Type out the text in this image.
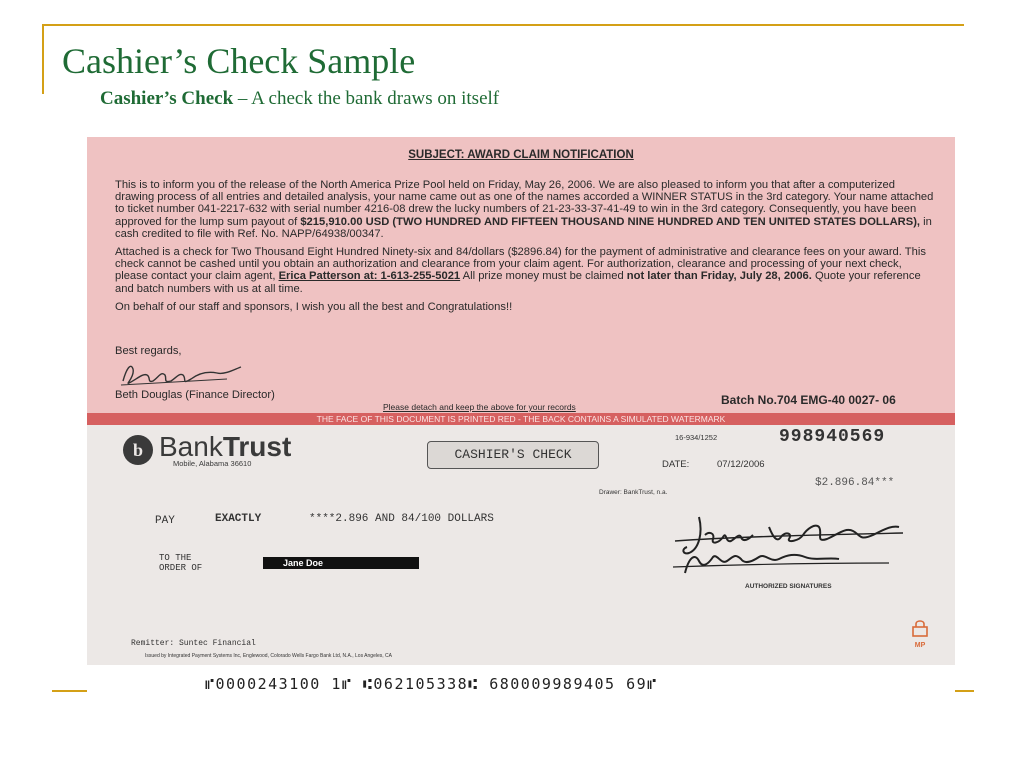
Cashier’s Check Sample
Cashier’s Check – A check the bank draws on itself
SUBJECT: AWARD CLAIM NOTIFICATION

This is to inform you of the release of the North America Prize Pool held on Friday, May 26, 2006. We are also pleased to inform you that after a computerized drawing process of all entries and detailed analysis, your name came out as one of the names accorded a WINNER STATUS in the 3rd category. Your name attached to ticket number 041-2217-632 with serial number 4216-08 drew the lucky numbers of 21-23-33-37-41-49 to win in the 3rd category. Consequently, you have been approved for the lump sum payout of $215,910.00 USD (TWO HUNDRED AND FIFTEEN THOUSAND NINE HUNDRED AND TEN UNITED STATES DOLLARS), in cash credited to file with Ref. No. NAPP/64938/00347.

Attached is a check for Two Thousand Eight Hundred Ninety-six and 84/dollars ($2896.84) for the payment of administrative and clearance fees on your award. This check cannot be cashed until you obtain an authorization and clearance from your claim agent. For authorization, clearance and processing of your next check, please contact your claim agent, Erica Patterson at: 1-613-255-5021 All prize money must be claimed not later than Friday, July 28, 2006. Quote your reference and batch numbers with us at all time.

On behalf of our staff and sponsors, I wish you all the best and Congratulations!!

Best regards,
Beth Douglas (Finance Director)
Please detach and keep the above for your records	Batch No.704 EMG-40 0027- 06
THE FACE OF THIS DOCUMENT IS PRINTED RED - THE BACK CONTAINS A SIMULATED WATERMARK
b BankTrust
Mobile, Alabama 36610
CASHIER'S CHECK
16-934/1252	998940569
DATE:	07/12/2006
$2.896.84***
Drawer: BankTrust, n.a.
PAY	EXACTLY	****2.896 AND 84/100 DOLLARS
TO THE
ORDER OF	Jane Doe
AUTHORIZED SIGNATURES
MP
Remitter: Suntec Financial
Issued by Integrated Payment Systems Inc, Englewood, Colorado Wells Fargo Bank Ltd, N.A., Los Angeles, CA
⑈0000243100 1⑈ ⑆062105338⑆ 680009989405 69⑈
